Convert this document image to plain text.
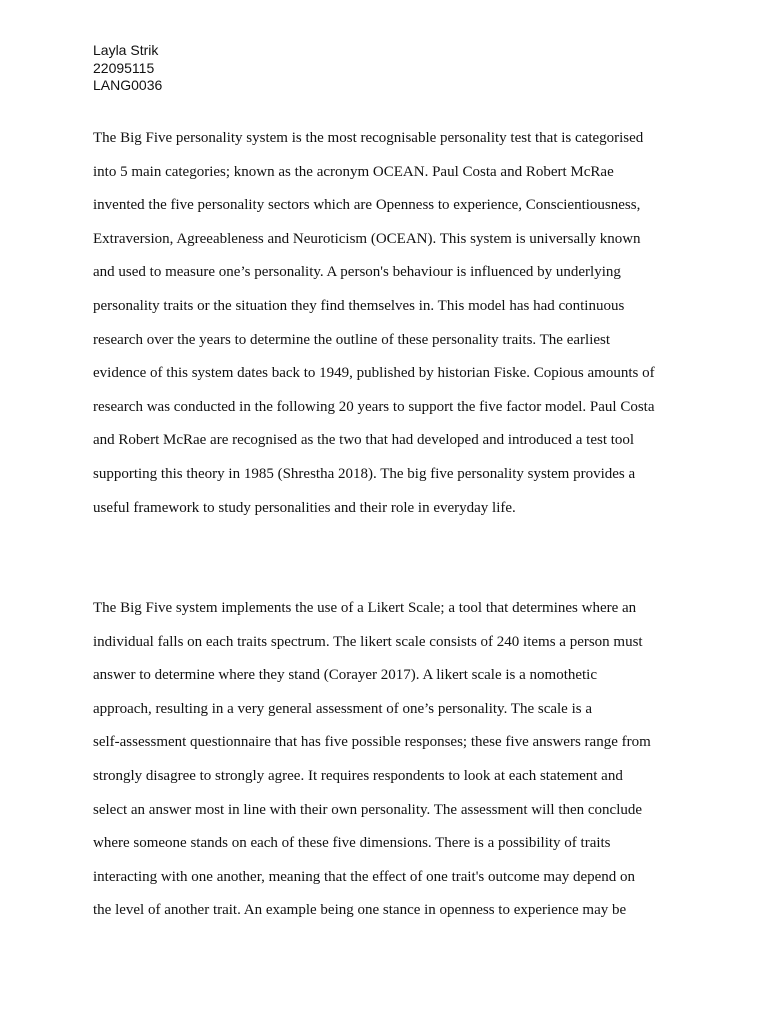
Layla Strik
22095115
LANG0036
The Big Five personality system is the most recognisable personality test that is categorised
into 5 main categories; known as the acronym OCEAN. Paul Costa and Robert McRae
invented the five personality sectors which are Openness to experience, Conscientiousness,
Extraversion, Agreeableness and Neuroticism (OCEAN). This system is universally known
and used to measure one’s personality. A person's behaviour is influenced by underlying
personality traits or the situation they find themselves in. This model has had continuous
research over the years to determine the outline of these personality traits. The earliest
evidence of this system dates back to 1949, published by historian Fiske. Copious amounts of
research was conducted in the following 20 years to support the five factor model. Paul Costa
and Robert McRae are recognised as the two that had developed and introduced a test tool
supporting this theory in 1985 (Shrestha 2018). The big five personality system provides a
useful framework to study personalities and their role in everyday life.
The Big Five system implements the use of a Likert Scale; a tool that determines where an
individual falls on each traits spectrum. The likert scale consists of 240 items a person must
answer to determine where they stand (Corayer 2017). A likert scale is a nomothetic
approach, resulting in a very general assessment of one’s personality. The scale is a
self-assessment questionnaire that has five possible responses; these five answers range from
strongly disagree to strongly agree. It requires respondents to look at each statement and
select an answer most in line with their own personality. The assessment will then conclude
where someone stands on each of these five dimensions. There is a possibility of traits
interacting with one another, meaning that the effect of one trait's outcome may depend on
the level of another trait. An example being one stance in openness to experience may be
